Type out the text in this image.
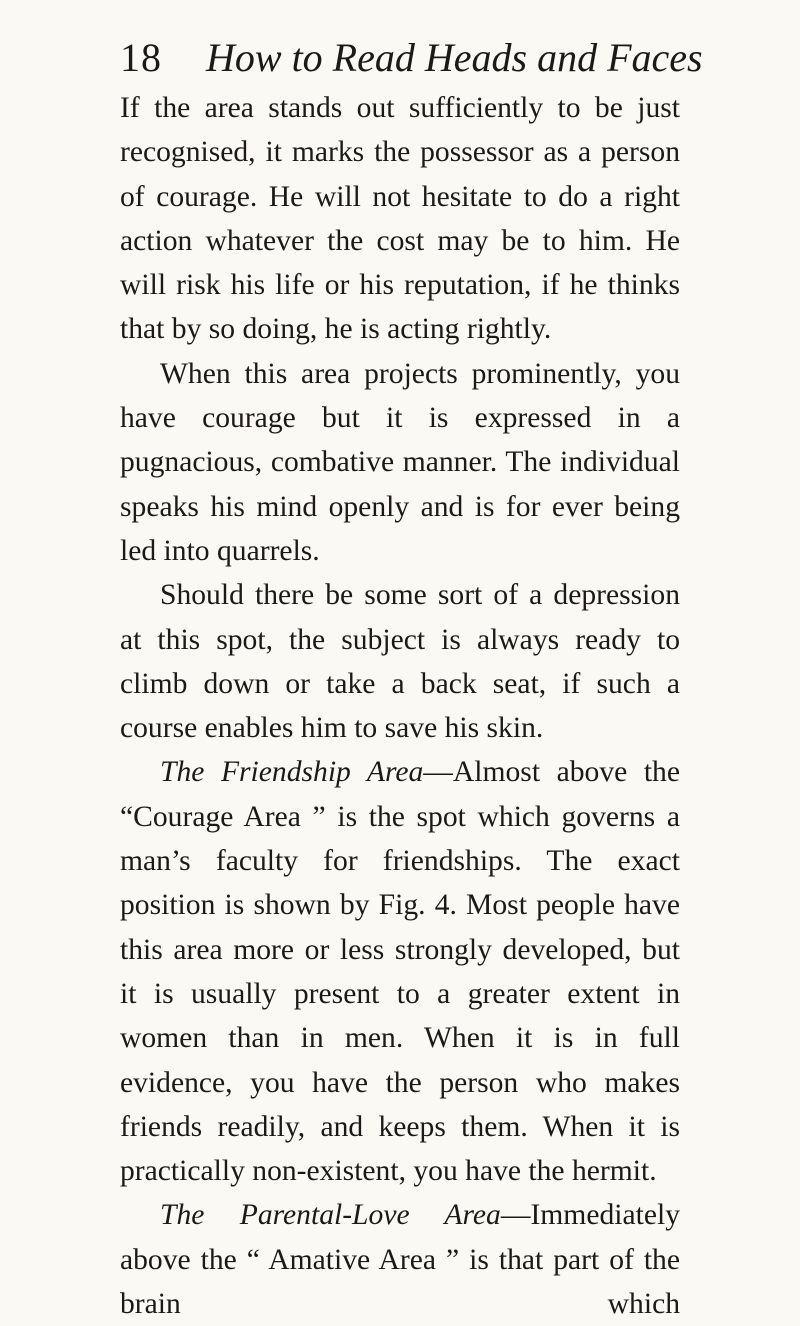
18 How to Read Heads and Faces

If the area stands out sufficiently to be just recognised, it marks the possessor as a person of courage. He will not hesitate to do a right action whatever the cost may be to him. He will risk his life or his reputation, if he thinks that by so doing, he is acting rightly.

When this area projects prominently, you have courage but it is expressed in a pugnacious, combative manner. The individual speaks his mind openly and is for ever being led into quarrels.

Should there be some sort of a depression at this spot, the subject is always ready to climb down or take a back seat, if such a course enables him to save his skin.

The Friendship Area—Almost above the “Courage Area ” is the spot which governs a man’s faculty for friendships. The exact position is shown by Fig. 4. Most people have this area more or less strongly developed, but it is usually present to a greater extent in women than in men. When it is in full evidence, you have the person who makes friends readily, and keeps them. When it is practically non-existent, you have the hermit.

The Parental-Love Area—Immediately above the “ Amative Area ” is that part of the brain which
